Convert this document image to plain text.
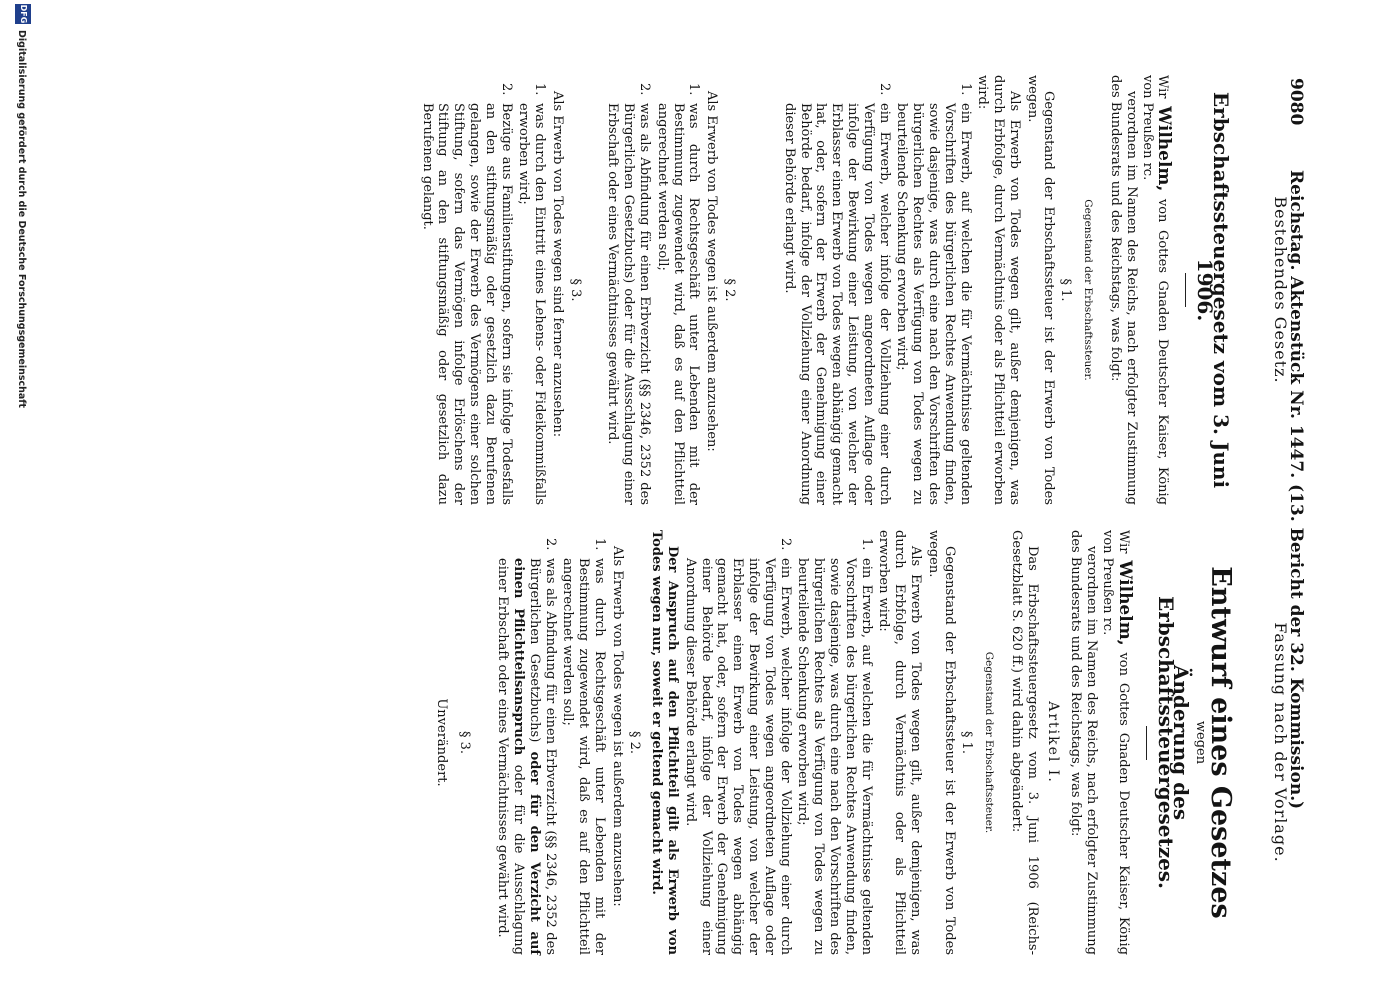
9080
Reichstag. Aktenstück Nr. 1447. (13. Bericht der 32. Kommission.)
Bestehendes Gesetz.
Erbschaftssteuergesetz vom 3. Juni 1906.

Wir Wilhelm, von Gottes Gnaden Deutscher Kaiser, König von Preußen rc.

verordnen im Namen des Reichs, nach erfolgter Zustimmung des Bundesrats und des Reichstags, was folgt:

Gegenstand der Erbschaftssteuer.
§ 1.

Gegenstand der Erbschaftssteuer ist der Erwerb von Todes wegen.

Als Erwerb von Todes wegen gilt, außer demjenigen, was durch Erbfolge, durch Vermächtnis oder als Pflichtteil erworben wird:

1.
ein Erwerb, auf welchen die für Vermächtnisse geltenden Vorschriften des bürgerlichen Rechtes Anwendung finden, sowie dasjenige, was durch eine nach den Vorschriften des bürgerlichen Rechtes als Verfügung von Todes wegen zu beurteilende Schenkung erworben wird;
2.
ein Erwerb, welcher infolge der Vollziehung einer durch Verfügung von Todes wegen angeordneten Auflage oder infolge der Bewirkung einer Leistung, von welcher der Erblasser einen Erwerb von Todes wegen abhängig gemacht hat, oder, sofern der Erwerb der Genehmigung einer Behörde bedarf, infolge der Vollziehung einer Anordnung dieser Behörde erlangt wird.
§ 2.

Als Erwerb von Todes wegen ist außerdem anzusehen:

1.
was durch Rechtsgeschäft unter Lebenden mit der Bestimmung zugewendet wird, daß es auf den Pflichtteil angerechnet werden soll;
2.
was als Abfindung für einen Erbverzicht (§§ 2346, 2352 des Bürgerlichen Gesetzbuchs) oder für die Ausschlagung einer Erbschaft oder eines Vermächtnisses gewährt wird.
§ 3.

Als Erwerb von Todes wegen sind ferner anzusehen:

1.
was durch den Eintritt eines Lehens- oder Fideikommißfalls erworben wird;
2.
Bezüge aus Familienstiftungen, sofern sie infolge Todesfalls an den stiftungsmäßig oder gesetzlich dazu Berufenen gelangen, sowie der Erwerb des Vermögens einer solchen Stiftung, sofern das Vermögen infolge Erlöschens der Stiftung an den stiftungsmäßig oder gesetzlich dazu Berufenen gelangt.
Fassung nach der Vorlage.
Entwurf eines Gesetzes
wegen
Änderung des Erbschaftssteuergesetzes.

Wir Wilhelm, von Gottes Gnaden Deutscher Kaiser, König von Preußen rc.

verordnen im Namen des Reichs, nach erfolgter Zustimmung des Bundesrats und des Reichstags, was folgt:

Artikel I.

Das Erbschaftssteuergesetz vom 3. Juni 1906 (Reichs-Gesetzblatt S. 620 ff.) wird dahin abgeändert:

Gegenstand der Erbschaftssteuer.
§ 1.

Gegenstand der Erbschaftssteuer ist der Erwerb von Todes wegen.

Als Erwerb von Todes wegen gilt, außer demjenigen, was durch Erbfolge, durch Vermächtnis oder als Pflichtteil erworben wird:

1.
ein Erwerb, auf welchen die für Vermächtnisse geltenden Vorschriften des bürgerlichen Rechtes Anwendung finden, sowie dasjenige, was durch eine nach den Vorschriften des bürgerlichen Rechtes als Verfügung von Todes wegen zu beurteilende Schenkung erworben wird;
2.
ein Erwerb, welcher infolge der Vollziehung einer durch Verfügung von Todes wegen angeordneten Auflage oder infolge der Bewirkung einer Leistung, von welcher der Erblasser einen Erwerb von Todes wegen abhängig gemacht hat, oder, sofern der Erwerb der Genehmigung einer Behörde bedarf, infolge der Vollziehung einer Anordnung dieser Behörde erlangt wird.

Der Anspruch auf den Pflichtteil gilt als Erwerb von Todes wegen nur, soweit er geltend gemacht wird.

§ 2.

Als Erwerb von Todes wegen ist außerdem anzusehen:

1.
was durch Rechtsgeschäft unter Lebenden mit der Bestimmung zugewendet wird, daß es auf den Pflichtteil angerechnet werden soll;
2.
was als Abfindung für einen Erbverzicht (§§ 2346, 2352 des Bürgerlichen Gesetzbuchs) oder für den Verzicht auf einen Pflichtteilsanspruch oder für die Ausschlagung einer Erbschaft oder eines Vermächtnisses gewährt wird.
§ 3.
Unverändert.
DFG
Digitalisierung gefördert durch die Deutsche Forschungsgemeinschaft
